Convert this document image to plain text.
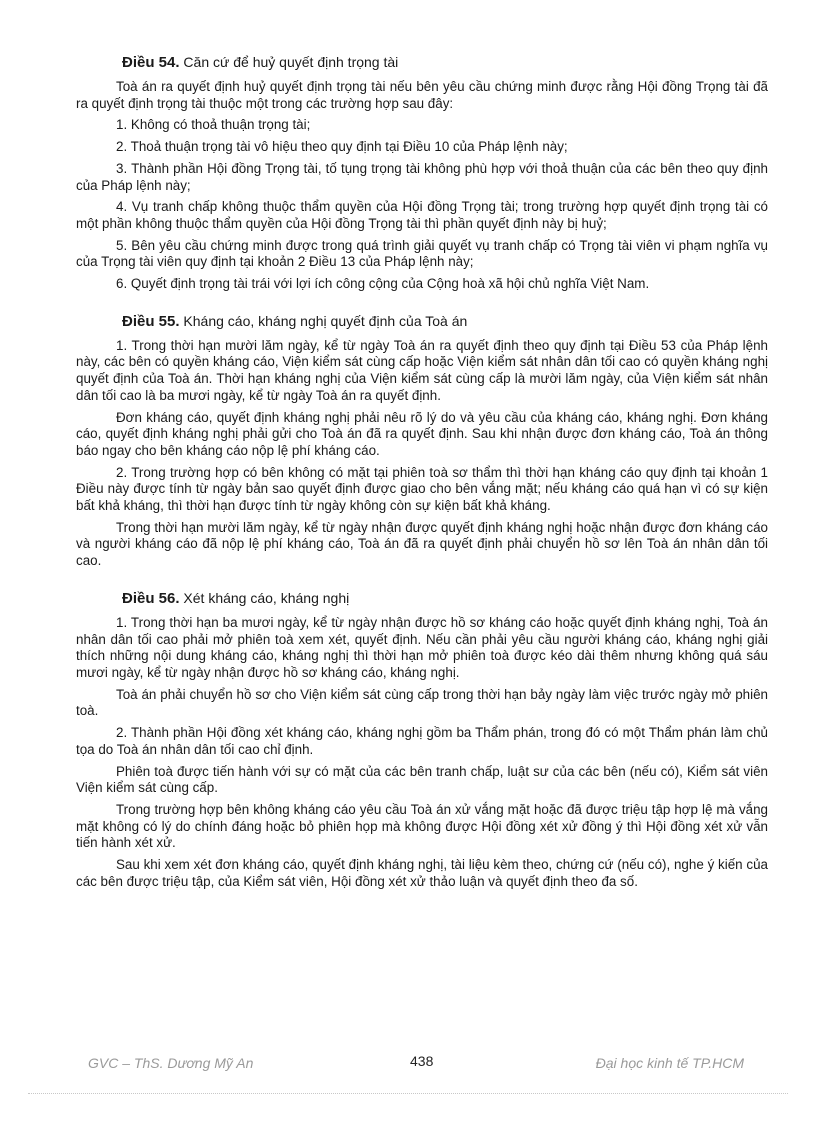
Điều 54. Căn cứ để huỷ quyết định trọng tài

Toà án ra quyết định huỷ quyết định trọng tài nếu bên yêu cầu chứng minh được rằng Hội đồng Trọng tài đã ra quyết định trọng tài thuộc một trong các trường hợp sau đây:

1. Không có thoả thuận trọng tài;

2. Thoả thuận trọng tài vô hiệu theo quy định tại Điều 10 của Pháp lệnh này;

3. Thành phần Hội đồng Trọng tài, tố tụng trọng tài không phù hợp với thoả thuận của các bên theo quy định của Pháp lệnh này;

4. Vụ tranh chấp không thuộc thẩm quyền của Hội đồng Trọng tài; trong trường hợp quyết định trọng tài có một phần không thuộc thẩm quyền của Hội đồng Trọng tài thì phần quyết định này bị huỷ;

5. Bên yêu cầu chứng minh được trong quá trình giải quyết vụ tranh chấp có Trọng tài viên vi phạm nghĩa vụ của Trọng tài viên quy định tại khoản 2 Điều 13 của Pháp lệnh này;

6. Quyết định trọng tài trái với lợi ích công cộng của Cộng hoà xã hội chủ nghĩa Việt Nam.

Điều 55. Kháng cáo, kháng nghị quyết định của Toà án

1. Trong thời hạn mười lăm ngày, kể từ ngày Toà án ra quyết định theo quy định tại Điều 53 của Pháp lệnh này, các bên có quyền kháng cáo, Viện kiểm sát cùng cấp hoặc Viện kiểm sát nhân dân tối cao có quyền kháng nghị quyết định của Toà án. Thời hạn kháng nghị của Viện kiểm sát cùng cấp là mười lăm ngày, của Viện kiểm sát nhân dân tối cao là ba mươi ngày, kể từ ngày Toà án ra quyết định.

Đơn kháng cáo, quyết định kháng nghị phải nêu rõ lý do và yêu cầu của kháng cáo, kháng nghị. Đơn kháng cáo, quyết định kháng nghị phải gửi cho Toà án đã ra quyết định. Sau khi nhận được đơn kháng cáo, Toà án thông báo ngay cho bên kháng cáo nộp lệ phí kháng cáo.

2. Trong trường hợp có bên không có mặt tại phiên toà sơ thẩm thì thời hạn kháng cáo quy định tại khoản 1 Điều này được tính từ ngày bản sao quyết định được giao cho bên vắng mặt; nếu kháng cáo quá hạn vì có sự kiện bất khả kháng, thì thời hạn được tính từ ngày không còn sự kiện bất khả kháng.

Trong thời hạn mười lăm ngày, kể từ ngày nhận được quyết định kháng nghị hoặc nhận được đơn kháng cáo và người kháng cáo đã nộp lệ phí kháng cáo, Toà án đã ra quyết định phải chuyển hồ sơ lên Toà án nhân dân tối cao.

Điều 56. Xét kháng cáo, kháng nghị

1. Trong thời hạn ba mươi ngày, kể từ ngày nhận được hồ sơ kháng cáo hoặc quyết định kháng nghị, Toà án nhân dân tối cao phải mở phiên toà xem xét, quyết định. Nếu cần phải yêu cầu người kháng cáo, kháng nghị giải thích những nội dung kháng cáo, kháng nghị thì thời hạn mở phiên toà được kéo dài thêm nhưng không quá sáu mươi ngày, kể từ ngày nhận được hồ sơ kháng cáo, kháng nghị.

Toà án phải chuyển hồ sơ cho Viện kiểm sát cùng cấp trong thời hạn bảy ngày làm việc trước ngày mở phiên toà.

2. Thành phần Hội đồng xét kháng cáo, kháng nghị gồm ba Thẩm phán, trong đó có một Thẩm phán làm chủ tọa do Toà án nhân dân tối cao chỉ định.

Phiên toà được tiến hành với sự có mặt của các bên tranh chấp, luật sư của các bên (nếu có), Kiểm sát viên Viện kiểm sát cùng cấp.

Trong trường hợp bên không kháng cáo yêu cầu Toà án xử vắng mặt hoặc đã được triệu tập hợp lệ mà vắng mặt không có lý do chính đáng hoặc bỏ phiên họp mà không được Hội đồng xét xử đồng ý thì Hội đồng xét xử vẫn tiến hành xét xử.

Sau khi xem xét đơn kháng cáo, quyết định kháng nghị, tài liệu kèm theo, chứng cứ (nếu có), nghe ý kiến của các bên được triệu tập, của Kiểm sát viên, Hội đồng xét xử thảo luận và quyết định theo đa số.

GVC – ThS. Dương Mỹ An	438	Đại học kinh tế TP.HCM
